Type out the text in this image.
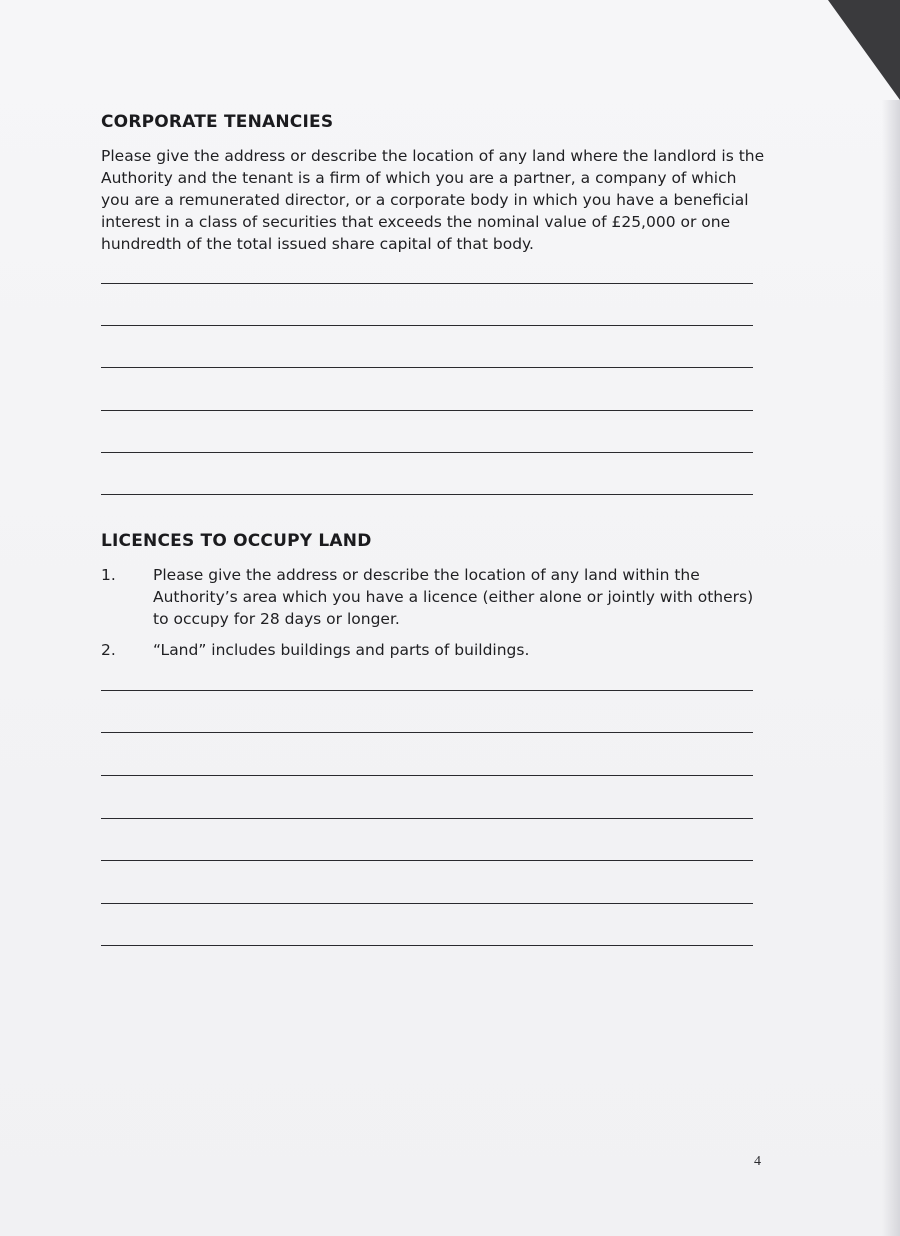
CORPORATE TENANCIES
Please give the address or describe the location of any land where the landlord is the
Authority and the tenant is a firm of which you are a partner, a company of which
you are a remunerated director, or a corporate body in which you have a beneficial
interest in a class of securities that exceeds the nominal value of £25,000 or one
hundredth of the total issued share capital of that body.
LICENCES TO OCCUPY LAND
1. Please give the address or describe the location of any land within the
Authority’s area which you have a licence (either alone or jointly with others)
to occupy for 28 days or longer.
2. “Land” includes buildings and parts of buildings.
4
